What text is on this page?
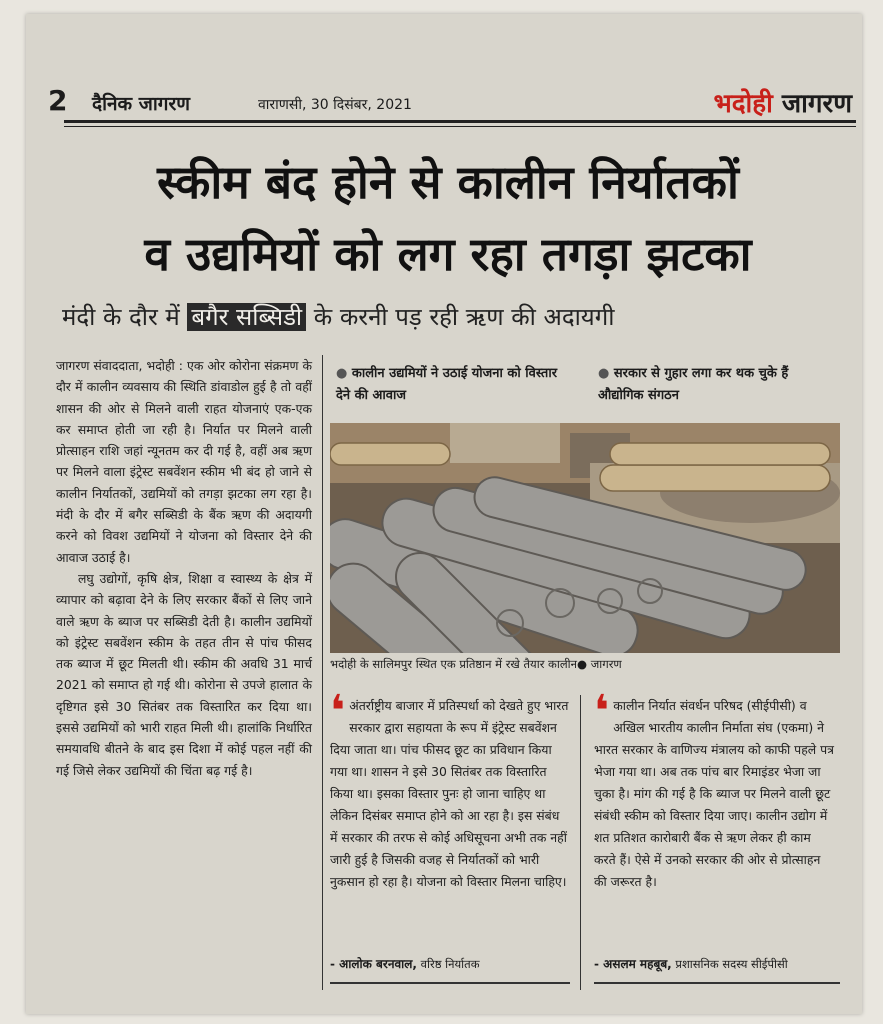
2 दैनिक जागरण	वाराणसी, 30 दिसंबर, 2021	भदोही जागरण
स्कीम बंद होने से कालीन निर्यातकों
व उद्यमियों को लग रहा तगड़ा झटका
मंदी के दौर में बगैर सब्सिडी के करनी पड़ रही ऋण की अदायगी

जागरण संवाददाता, भदोही : एक ओर कोरोना संक्रमण के दौर में कालीन व्यवसाय की स्थिति डांवाडोल हुई है तो वहीं शासन की ओर से मिलने वाली राहत योजनाएं एक-एक कर समाप्त होती जा रही है। निर्यात पर मिलने वाली प्रोत्साहन राशि जहां न्यूनतम कर दी गई है, वहीं अब ऋण पर मिलने वाला इंट्रेस्ट सबवेंशन स्कीम भी बंद हो जाने से कालीन निर्यातकों, उद्यमियों को तगड़ा झटका लग रहा है। मंदी के दौर में बगैर सब्सिडी के बैंक ऋण की अदायगी करने को विवश उद्यमियों ने योजना को विस्तार देने की आवाज उठाई है।

लघु उद्योगों, कृषि क्षेत्र, शिक्षा व स्वास्थ्य के क्षेत्र में व्यापार को बढ़ावा देने के लिए सरकार बैंकों से लिए जाने वाले ऋण के ब्याज पर सब्सिडी देती है। कालीन उद्यमियों को इंट्रेस्ट सबवेंशन स्कीम के तहत तीन से पांच फीसद तक ब्याज में छूट मिलती थी। स्कीम की अवधि 31 मार्च 2021 को समाप्त हो गई थी। कोरोना से उपजे हालात के दृष्टिगत इसे 30 सितंबर तक विस्तारित कर दिया था। इससे उद्यमियों को भारी राहत मिली थी। हालांकि निर्धारित समयावधि बीतने के बाद इस दिशा में कोई पहल नहीं की गई जिसे लेकर उद्यमियों की चिंता बढ़ गई है।

● कालीन उद्यमियों ने उठाई योजना को विस्तार देने की आवाज
● सरकार से गुहार लगा कर थक चुके हैं औद्योगिक संगठन
भदोही के सालिमपुर स्थित एक प्रतिष्ठान में रखे तैयार कालीन● जागरण
❛ अंतर्राष्ट्रीय बाजार में प्रतिस्पर्धा को देखते हुए भारत सरकार द्वारा सहायता के रूप में इंट्रेस्ट सबवेंशन दिया जाता था। पांच फीसद छूट का प्रविधान किया गया था। शासन ने इसे 30 सितंबर तक विस्तारित किया था। इसका विस्तार पुनः हो जाना चाहिए था लेकिन दिसंबर समाप्त होने को आ रहा है। इस संबंध में सरकार की तरफ से कोई अधिसूचना अभी तक नहीं जारी हुई है जिसकी वजह से निर्यातकों को भारी नुकसान हो रहा है। योजना को विस्तार मिलना चाहिए।

- आलोक बरनवाल, वरिष्ठ निर्यातक
❛ कालीन निर्यात संवर्धन परिषद (सीईपीसी) व अखिल भारतीय कालीन निर्माता संघ (एकमा) ने भारत सरकार के वाणिज्य मंत्रालय को काफी पहले पत्र भेजा गया था। अब तक पांच बार रिमाइंडर भेजा जा चुका है। मांग की गई है कि ब्याज पर मिलने वाली छूट संबंधी स्कीम को विस्तार दिया जाए। कालीन उद्योग में शत प्रतिशत कारोबारी बैंक से ऋण लेकर ही काम करते हैं। ऐसे में उनको सरकार की ओर से प्रोत्साहन की जरूरत है।

- असलम महबूब, प्रशासनिक सदस्य सीईपीसी
